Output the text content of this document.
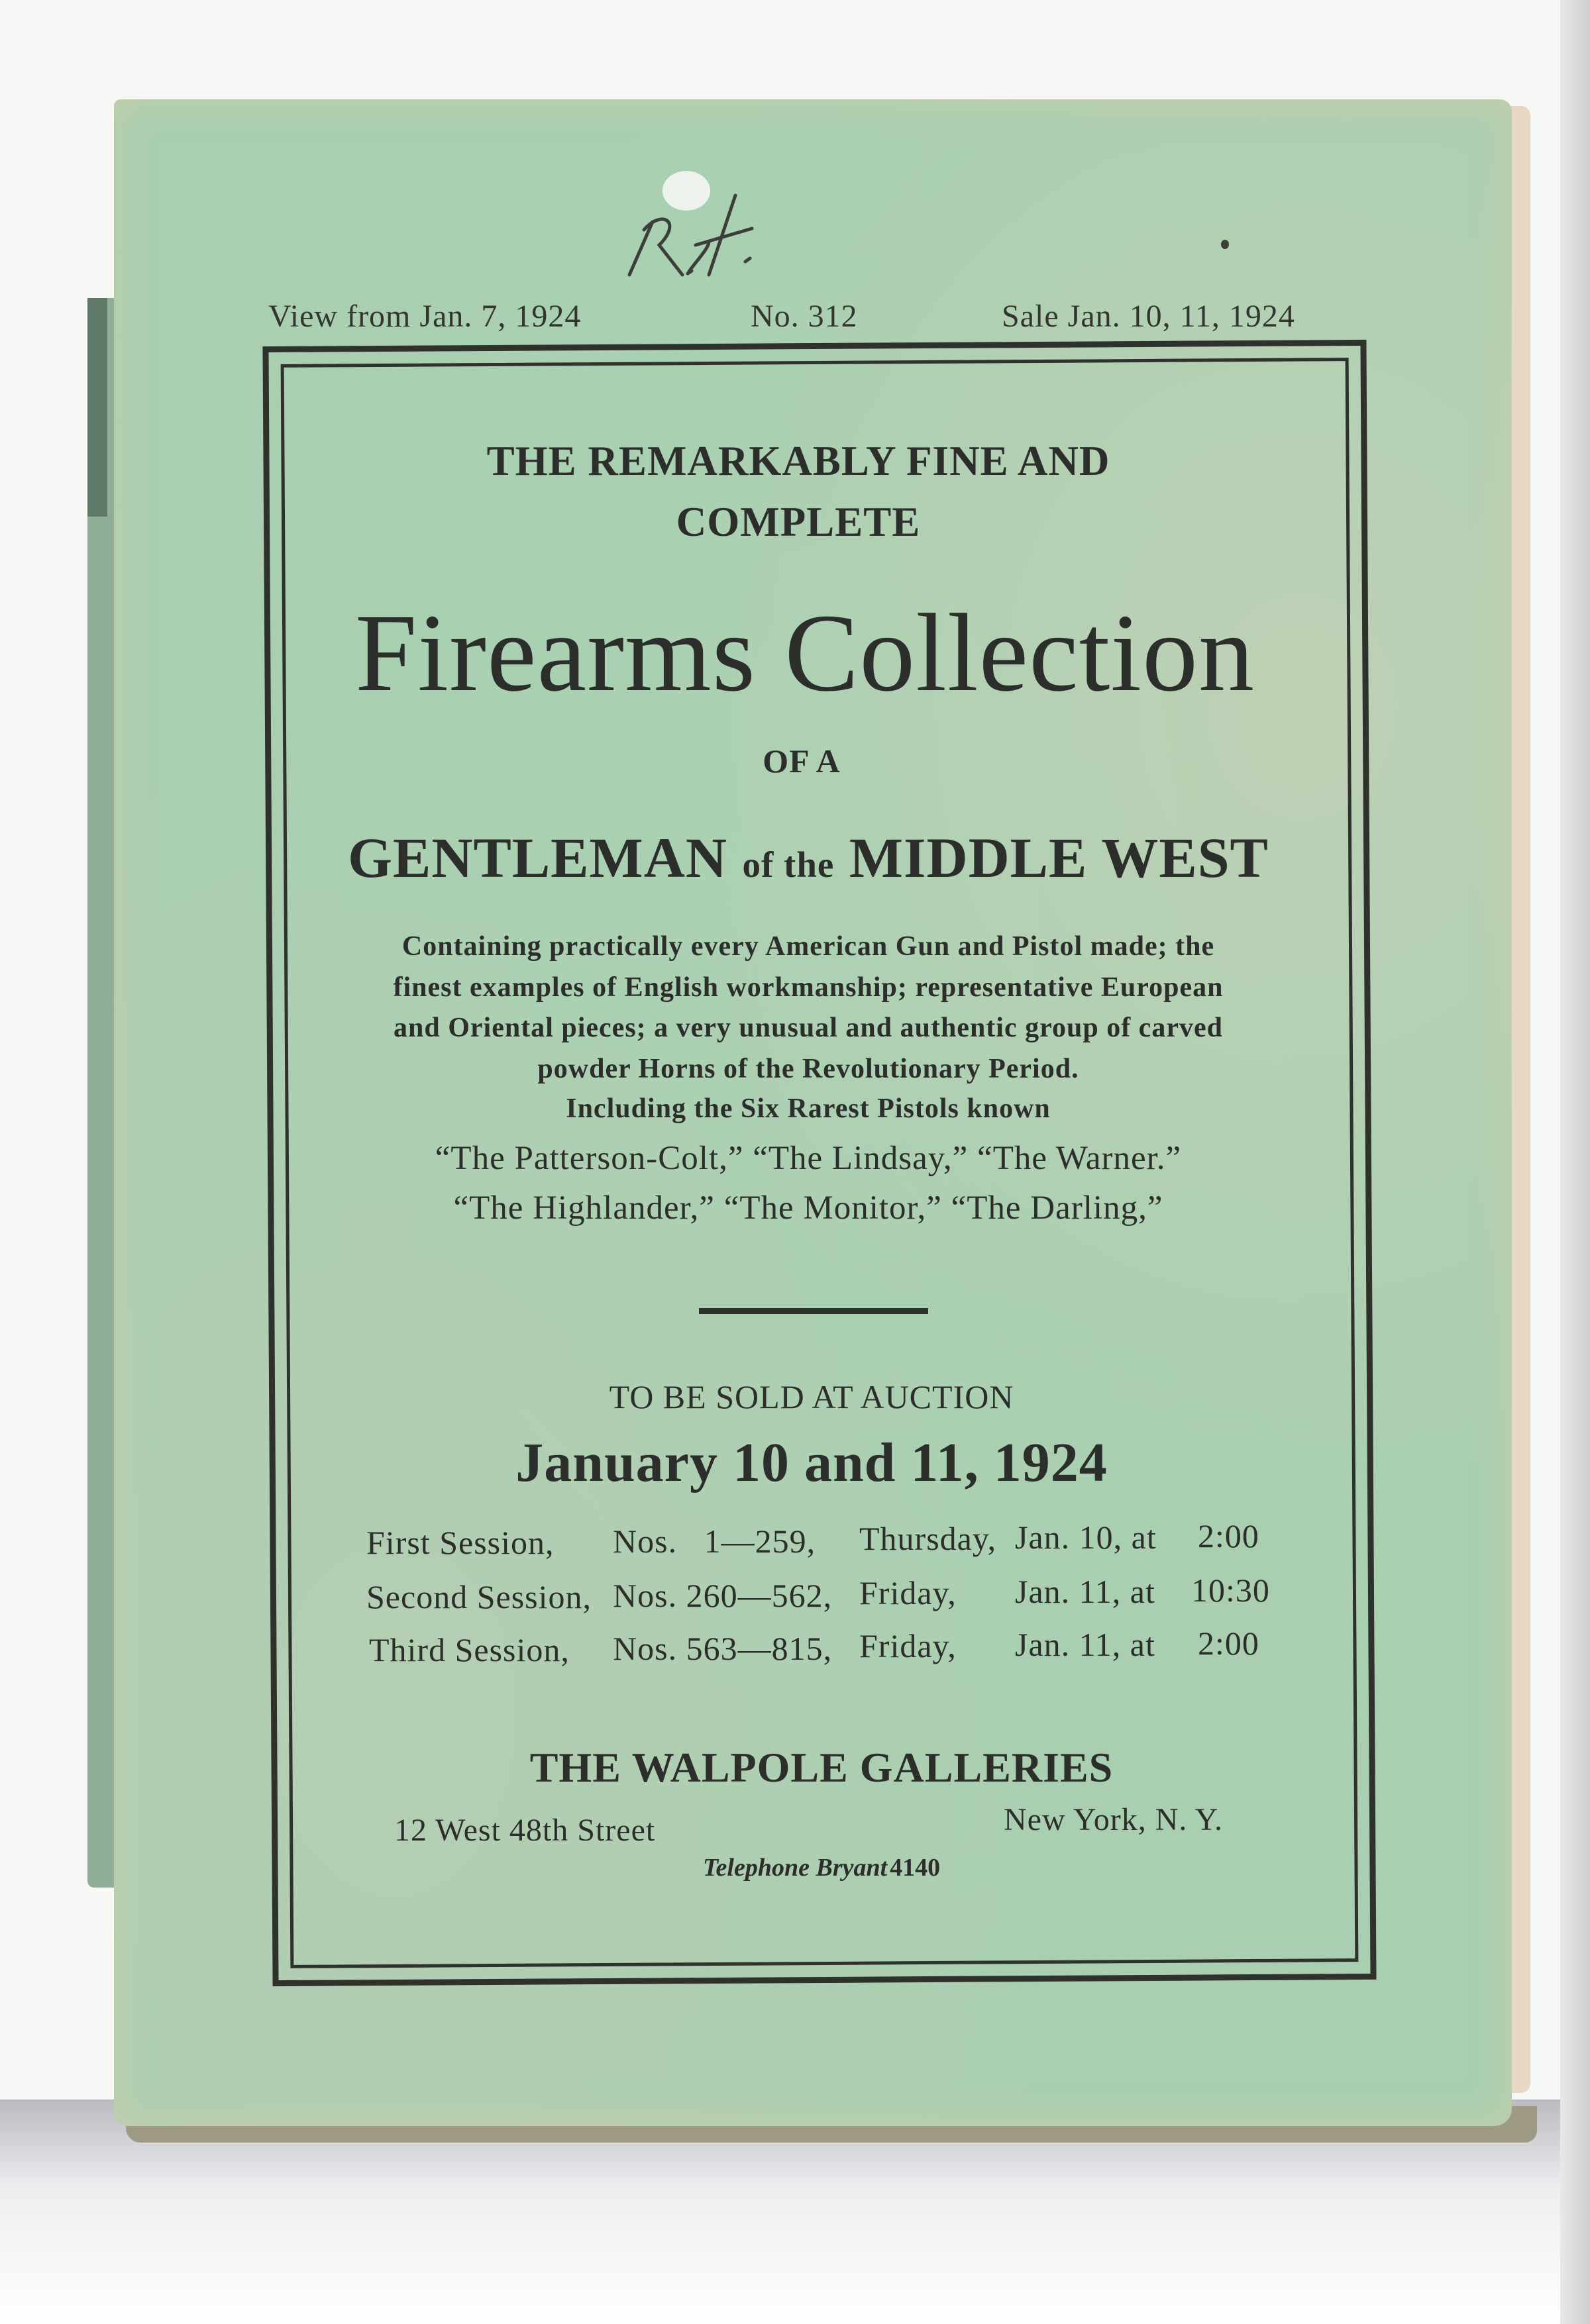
View from Jan. 7, 1924	No. 312	Sale Jan. 10, 11, 1924
THE REMARKABLY FINE AND
COMPLETE
Firearms Collection
OF A
GENTLEMAN of the MIDDLE WEST
Containing practically every American Gun and Pistol made; the
finest examples of English workmanship; representative European
and Oriental pieces; a very unusual and authentic group of carved
powder Horns of the Revolutionary Period.
Including the Six Rarest Pistols known
“The Patterson-Colt,” “The Lindsay,” “The Warner.”
“The Highlander,” “The Monitor,” “The Darling,”
TO BE SOLD AT AUCTION
January 10 and 11, 1924
First Session, Nos.   1—259, Thursday, Jan. 10, at 2:00
Second Session, Nos. 260—562, Friday, Jan. 11, at 10:30
Third Session, Nos. 563—815, Friday, Jan. 11, at 2:00
THE WALPOLE GALLERIES
12 West 48th Street	New York, N. Y.
Telephone Bryant 4140
